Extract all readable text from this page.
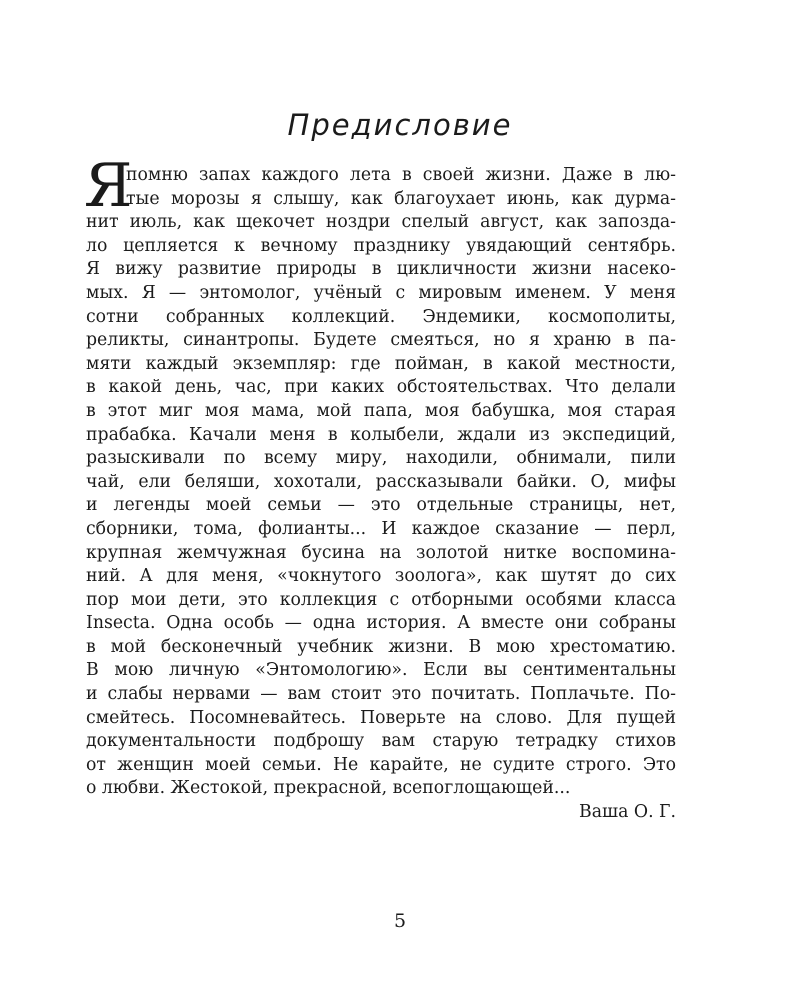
Предисловие
Я
помню запах каждого лета в своей жизни. Даже в лю-
тые морозы я слышу, как благоухает июнь, как дурма-
нит июль, как щекочет ноздри спелый август, как запозда-
ло цепляется к вечному празднику увядающий сентябрь.
Я вижу развитие природы в цикличности жизни насеко-
мых. Я — энтомолог, учёный с мировым именем. У меня
сотни собранных коллекций. Эндемики, космополиты,
реликты, синантропы. Будете смеяться, но я храню в па-
мяти каждый экземпляр: где пойман, в какой местности,
в какой день, час, при каких обстоятельствах. Что делали
в этот миг моя мама, мой папа, моя бабушка, моя старая
прабабка. Качали меня в колыбели, ждали из экспедиций,
разыскивали по всему миру, находили, обнимали, пили
чай, ели беляши, хохотали, рассказывали байки. О, мифы
и легенды моей семьи — это отдельные страницы, нет,
сборники, тома, фолианты... И каждое сказание — перл,
крупная жемчужная бусина на золотой нитке воспомина-
ний. А для меня, «чокнутого зоолога», как шутят до сих
пор мои дети, это коллекция с отборными особями класса
Insecta. Одна особь — одна история. А вместе они собраны
в мой бесконечный учебник жизни. В мою хрестоматию.
В мою личную «Энтомологию». Если вы сентиментальны
и слабы нервами — вам стоит это почитать. Поплачьте. По-
смейтесь. Посомневайтесь. Поверьте на слово. Для пущей
документальности подброшу вам старую тетрадку стихов
от женщин моей семьи. Не карайте, не судите строго. Это
о любви. Жестокой, прекрасной, всепоглощающей...
Ваша О. Г.
5
